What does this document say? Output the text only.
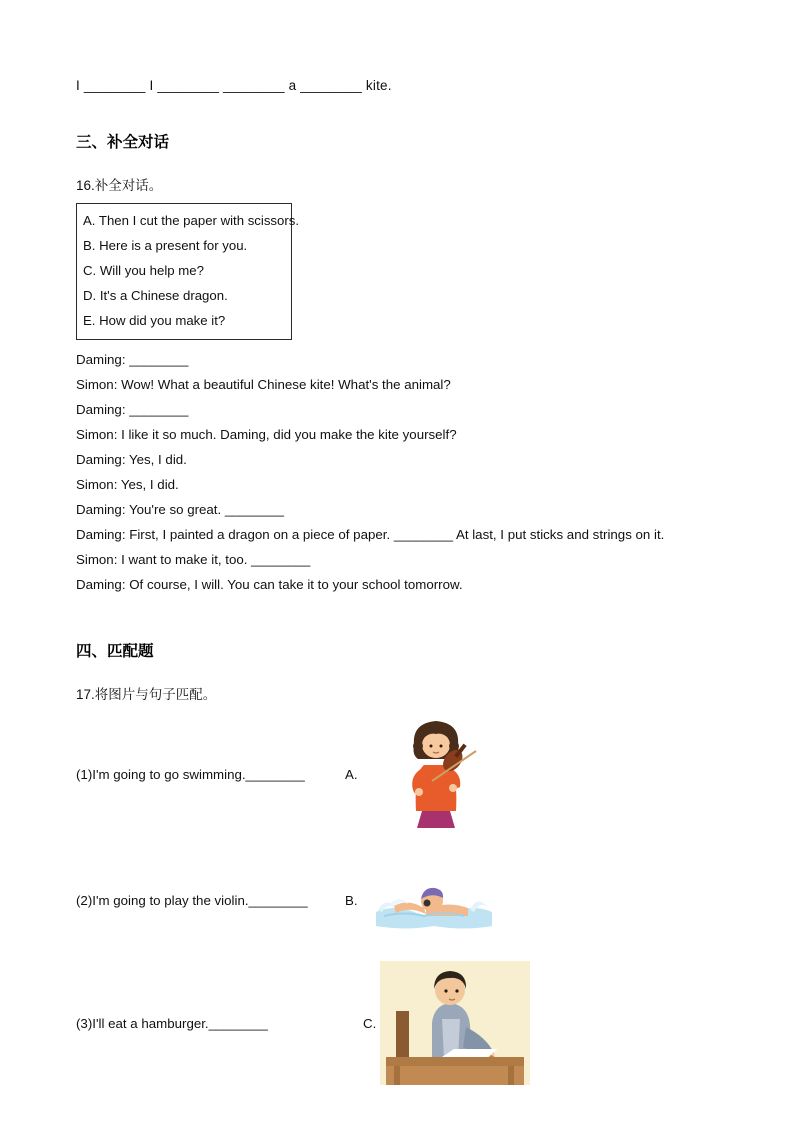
I ________ I ________ ________ a ________ kite.
三、补全对话
16.补全对话。
A. Then I cut the paper with scissors.
B. Here is a present for you.
C. Will you help me?
D. It's a Chinese dragon.
E. How did you make it?
Daming: ________
Simon: Wow! What a beautiful Chinese kite! What's the animal?
Daming: ________
Simon: I like it so much. Daming, did you make the kite yourself?
Daming: Yes, I did.
Simon: Yes, I did.
Daming: You're so great. ________
Daming: First, I painted a dragon on a piece of paper. ________ At last, I put sticks and strings on it.
Simon: I want to make it, too. ________
Daming: Of course, I will. You can take it to your school tomorrow.
四、匹配题
17.将图片与句子匹配。
(1)I'm going to go swimming.________	A.
(2)I'm going to play the violin.________	B.
(3)I'll eat a hamburger.________	C.
